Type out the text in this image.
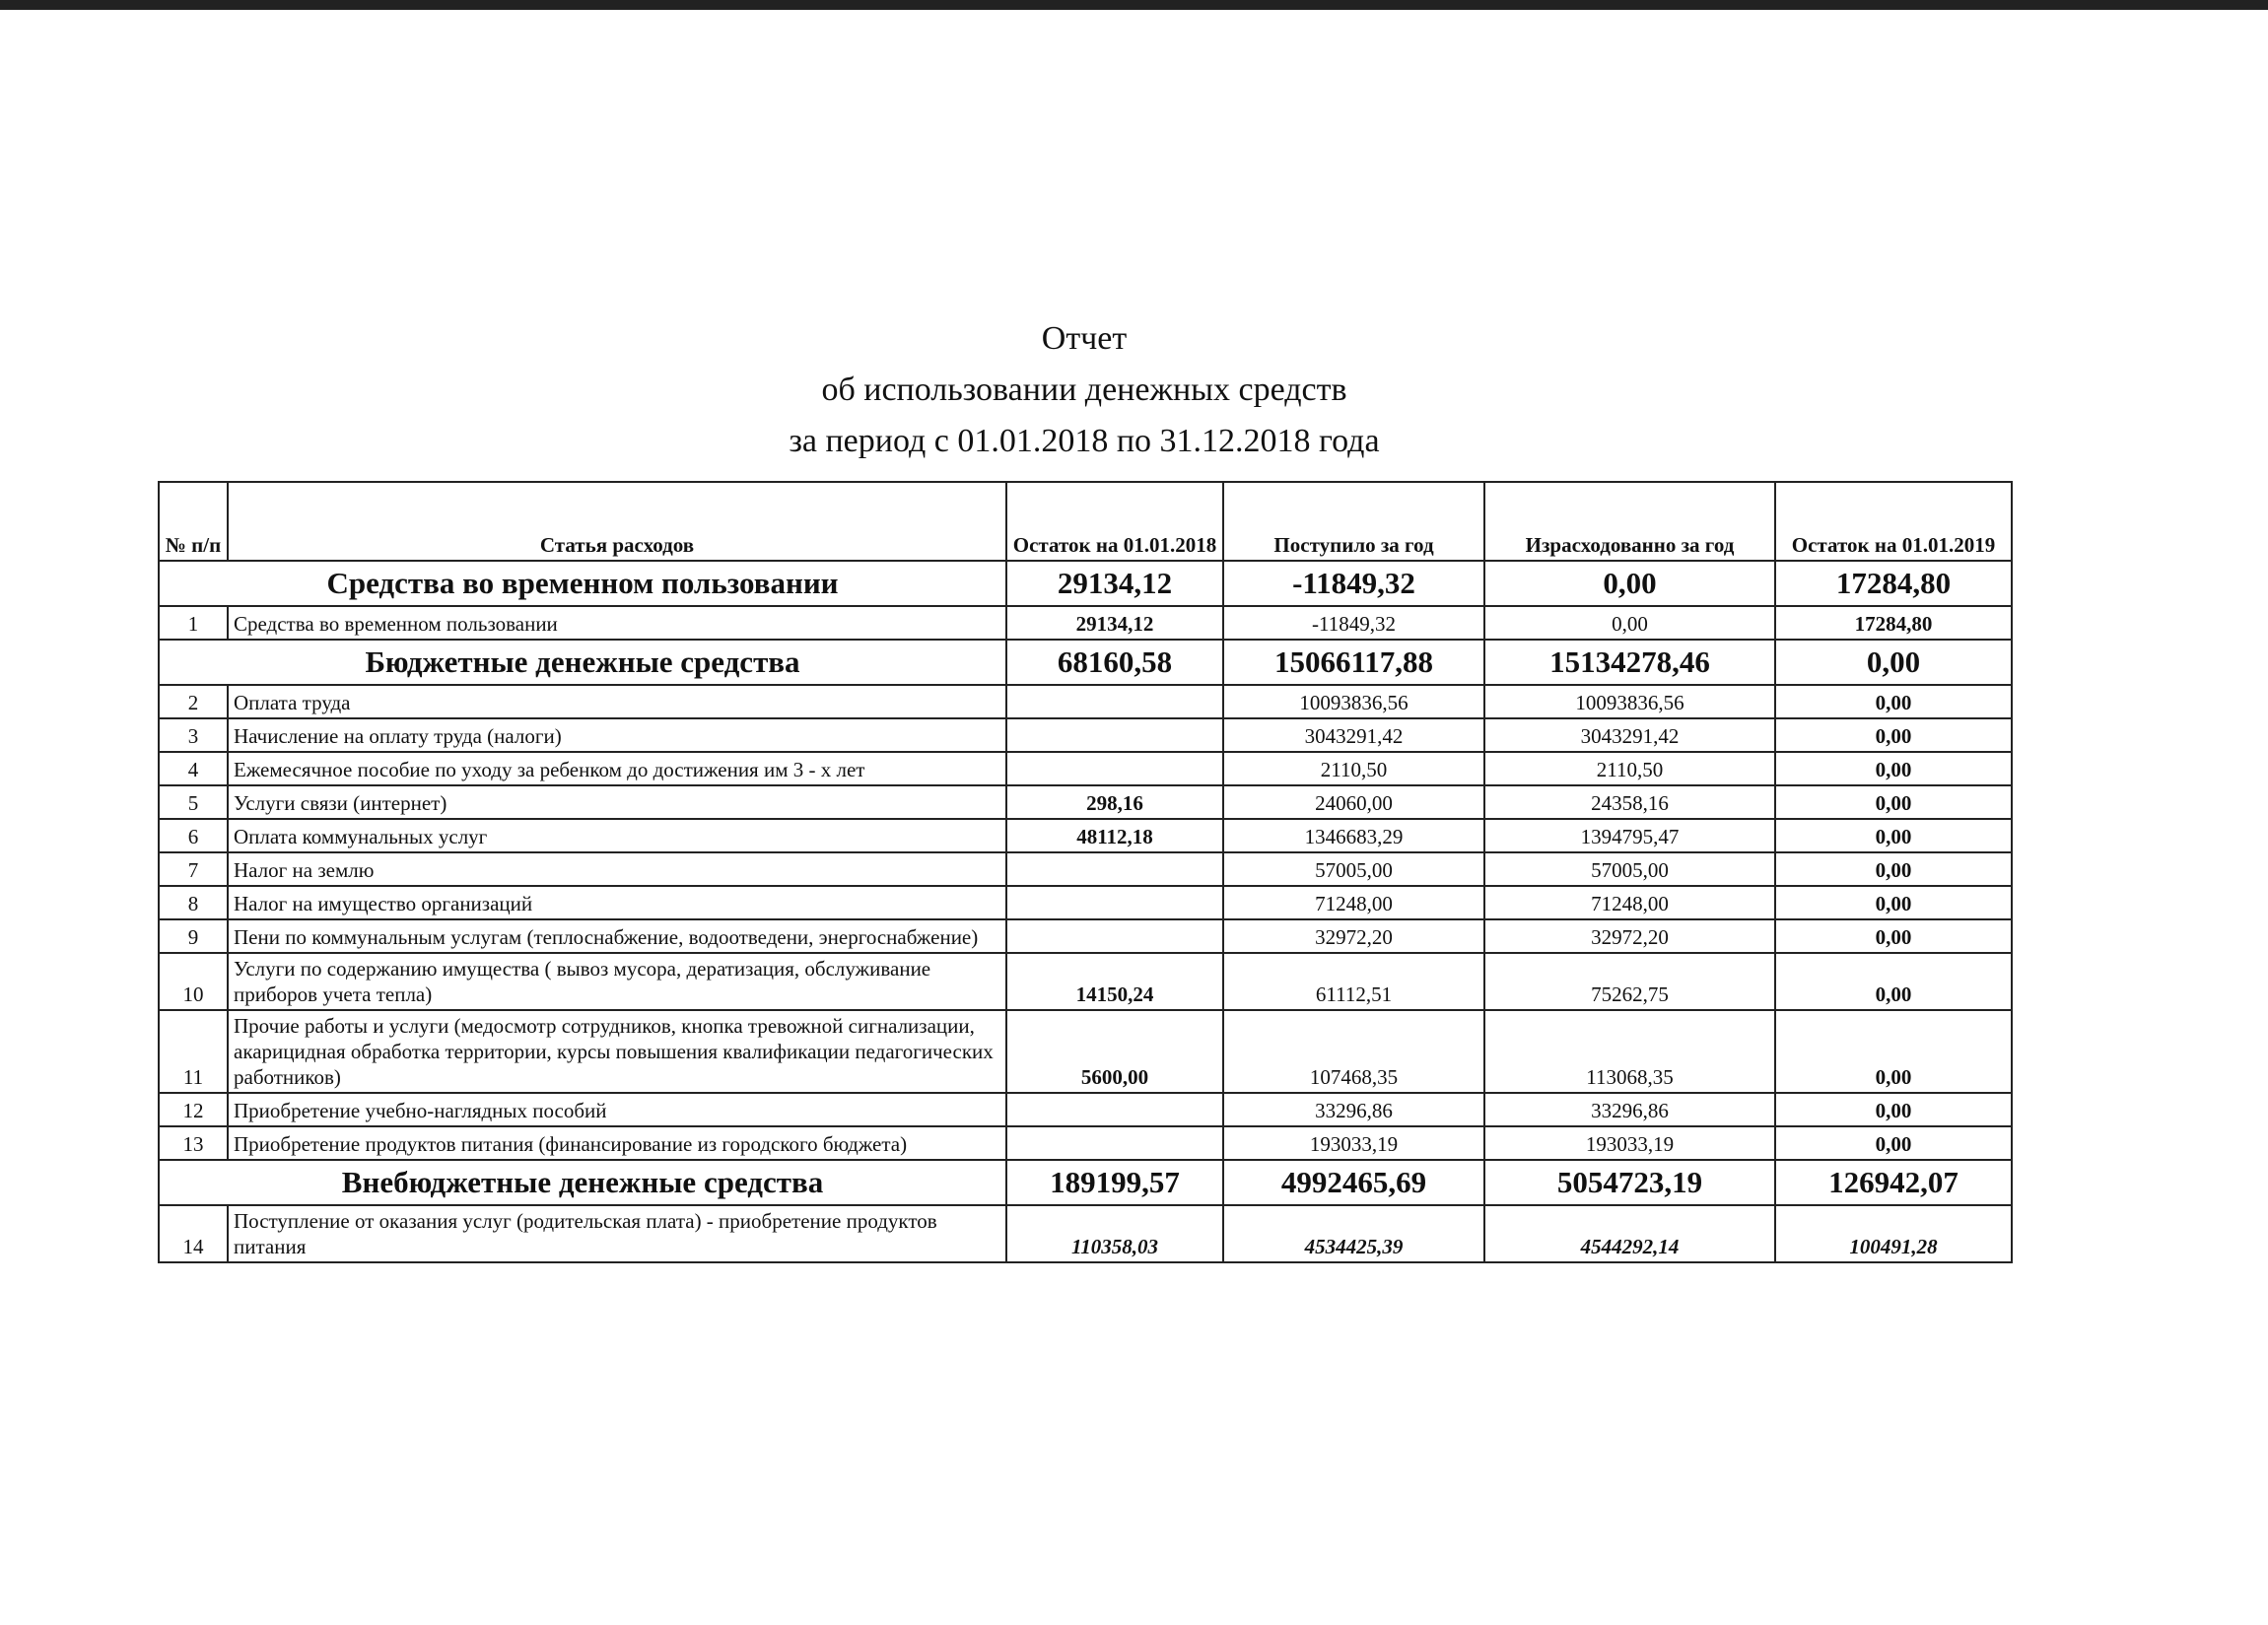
Отчет
об использовании денежных средств
за период с 01.01.2018 по 31.12.2018 года
№ п/п	Статья расходов	Остаток на 01.01.2018	Поступило за год	Израсходованно за год	Остаток на 01.01.2019
Средства во временном пользовании		29134,12	-11849,32	0,00	17284,80
1	Средства во временном пользовании	29134,12	-11849,32	0,00	17284,80
Бюджетные денежные средства		68160,58	15066117,88	15134278,46	0,00
2	Оплата труда		10093836,56	10093836,56	0,00
3	Начисление на оплату труда (налоги)		3043291,42	3043291,42	0,00
4	Ежемесячное пособие по уходу за ребенком до достижения им 3 - х лет		2110,50	2110,50	0,00
5	Услуги связи (интернет)	298,16	24060,00	24358,16	0,00
6	Оплата коммунальных услуг	48112,18	1346683,29	1394795,47	0,00
7	Налог на землю		57005,00	57005,00	0,00
8	Налог на имущество организаций		71248,00	71248,00	0,00
9	Пени по коммунальным услугам (теплоснабжение, водоотведени, энергоснабжение)		32972,20	32972,20	0,00
10	Услуги по содержанию имущества ( вывоз мусора, дератизация, обслуживание приборов учета тепла)	14150,24	61112,51	75262,75	0,00
11	Прочие работы и услуги (медосмотр сотрудников, кнопка тревожной сигнализации, акарицидная обработка территории, курсы повышения квалификации педагогических работников)	5600,00	107468,35	113068,35	0,00
12	Приобретение учебно-наглядных пособий		33296,86	33296,86	0,00
13	Приобретение продуктов питания (финансирование из городского бюджета)		193033,19	193033,19	0,00
Внебюджетные денежные средства		189199,57	4992465,69	5054723,19	126942,07
14	Поступление от оказания услуг (родительская плата) - приобретение продуктов питания	110358,03	4534425,39	4544292,14	100491,28
